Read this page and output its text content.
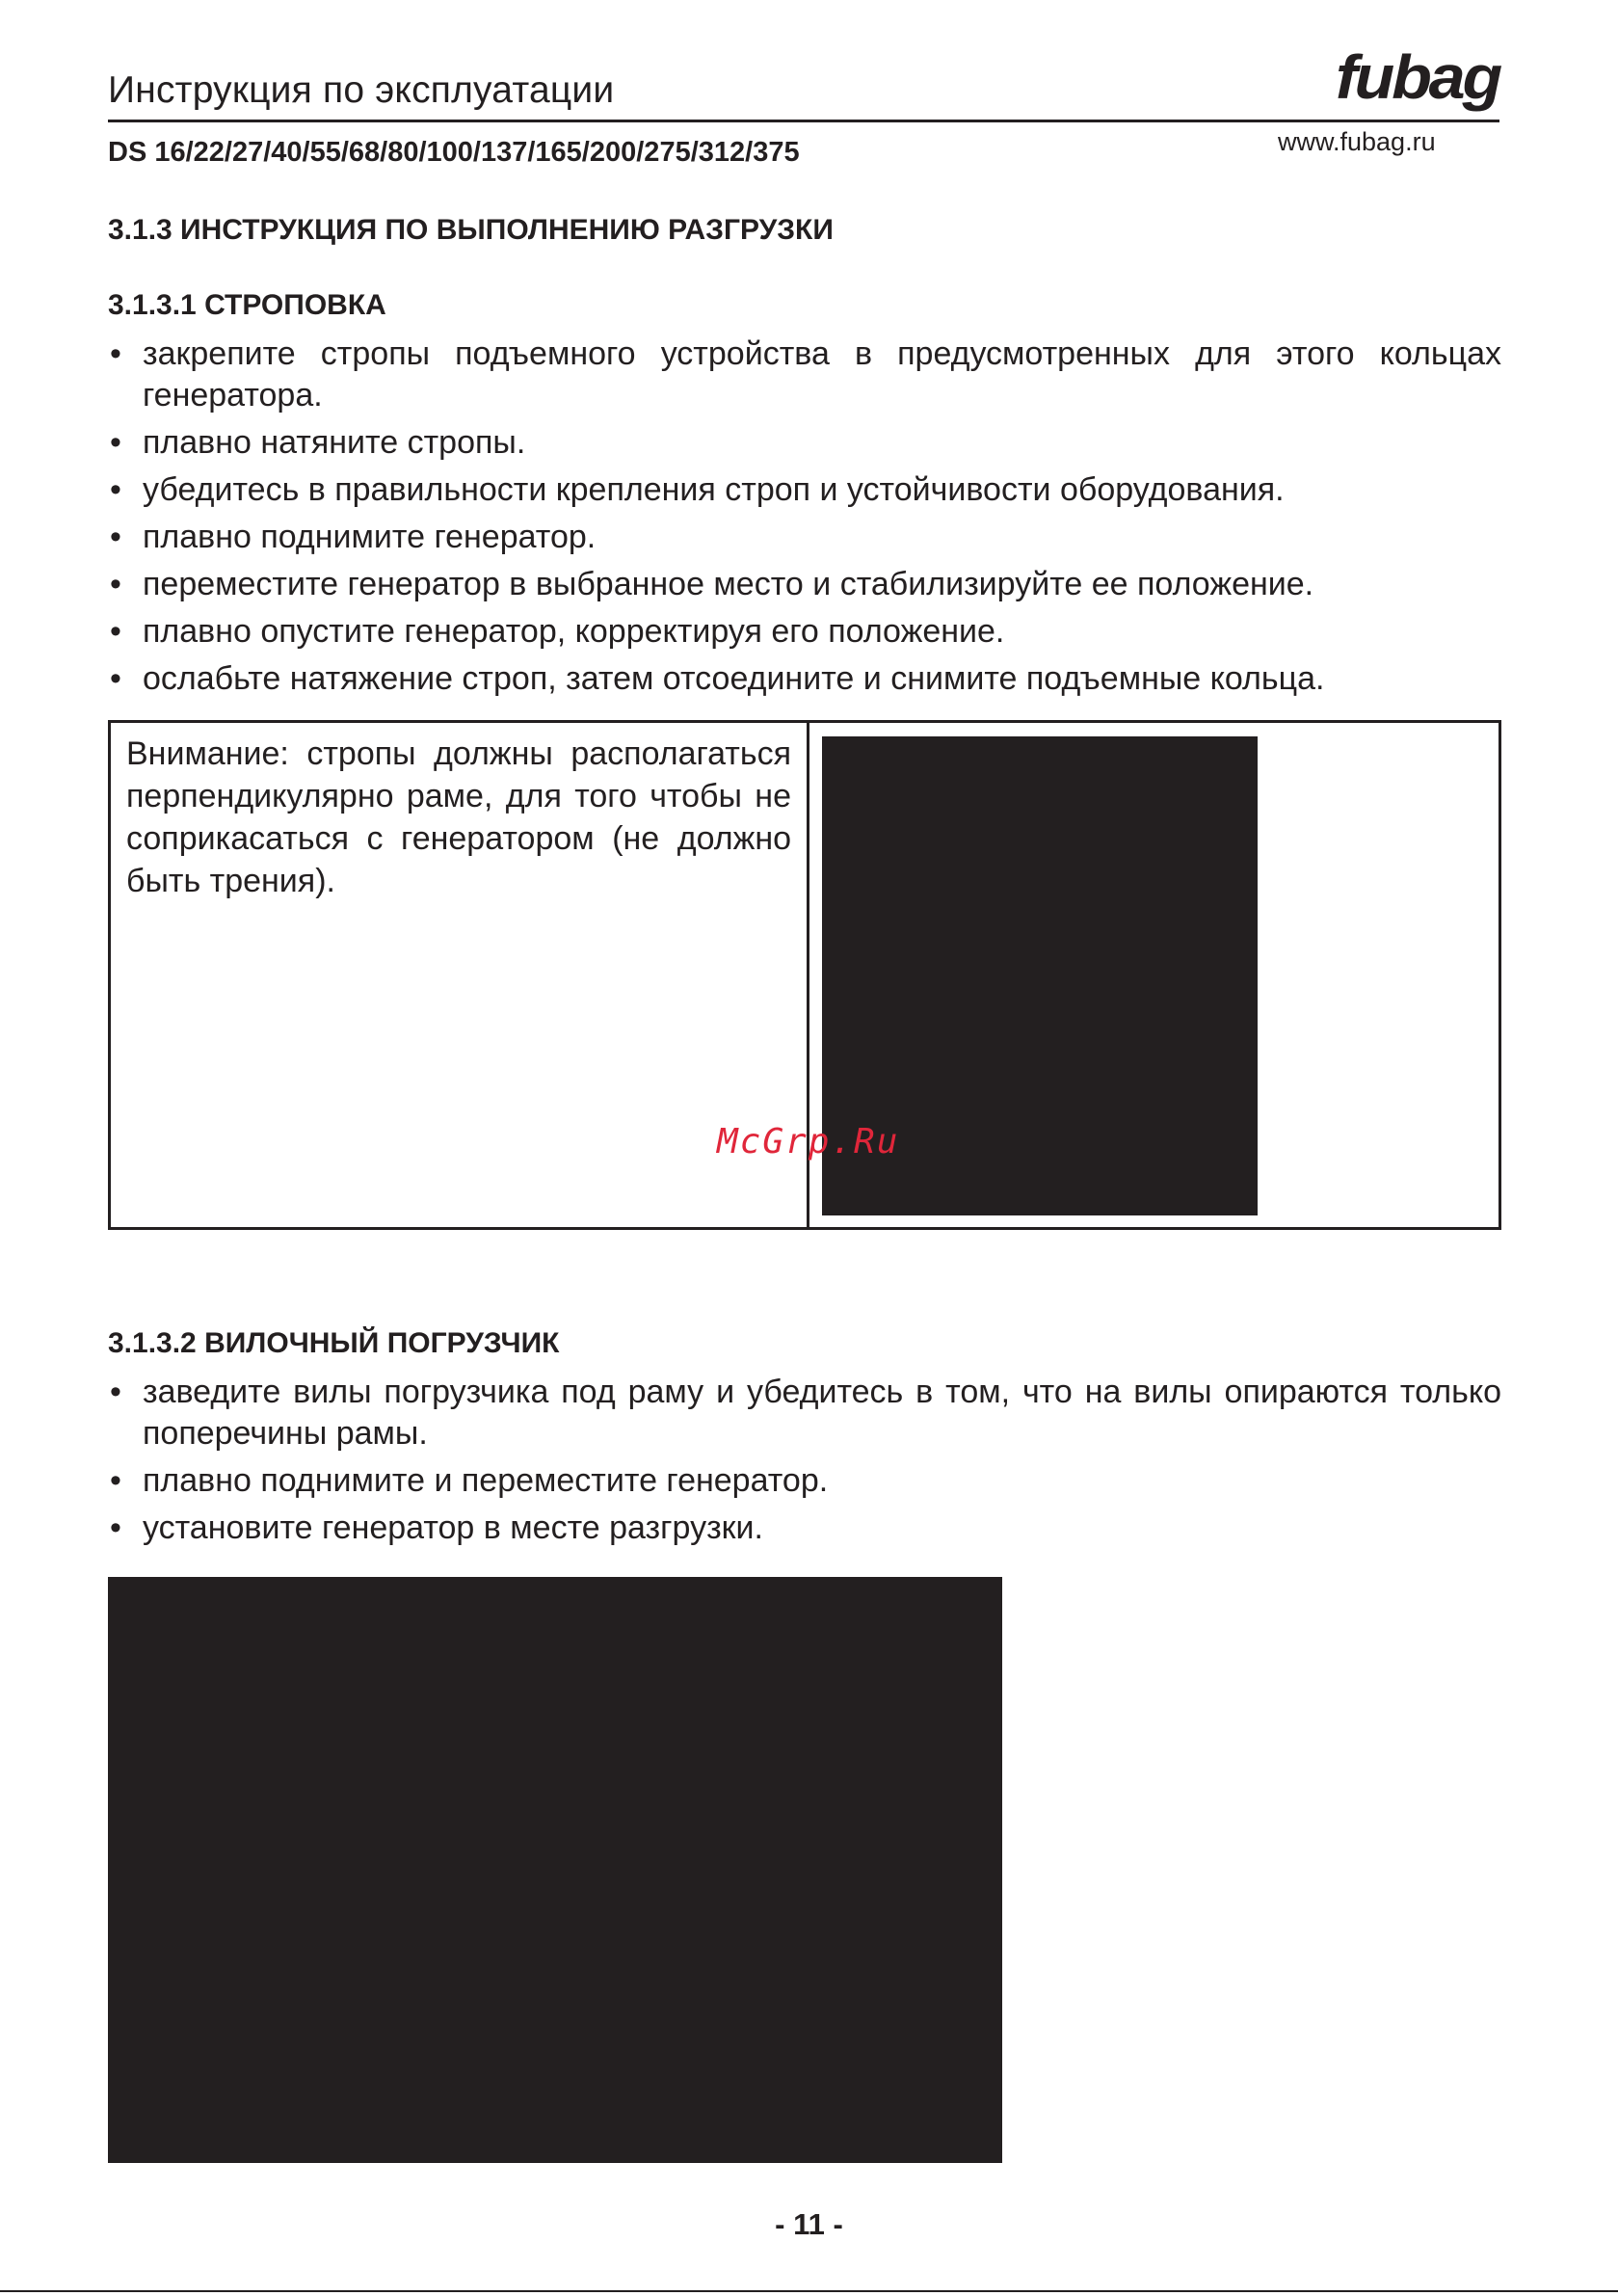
Инструкция по эксплуатации
DS 16/22/27/40/55/68/80/100/137/165/200/275/312/375	www.fubag.ru
fubag
3.1.3 ИНСТРУКЦИЯ ПО ВЫПОЛНЕНИЮ РАЗГРУЗКИ
3.1.3.1 СТРОПОВКА
• закрепите стропы подъемного устройства в предусмотренных для этого кольцах генератора.
• плавно натяните стропы.
• убедитесь в правильности крепления строп и устойчивости оборудования.
• плавно поднимите генератор.
• переместите генератор в выбранное место и стабилизируйте ее положение.
• плавно опустите генератор, корректируя его положение.
• ослабьте натяжение строп, затем отсоедините и снимите подъемные кольца.
Внимание: стропы должны располагаться перпендикулярно раме, для того чтобы не соприкасаться с генератором (не должно быть трения).
McGrp.Ru
3.1.3.2 ВИЛОЧНЫЙ ПОГРУЗЧИК
• заведите вилы погрузчика под раму и убедитесь в том, что на вилы опираются только поперечины рамы.
• плавно поднимите и переместите генератор.
• установите генератор в месте разгрузки.
- 11 -
